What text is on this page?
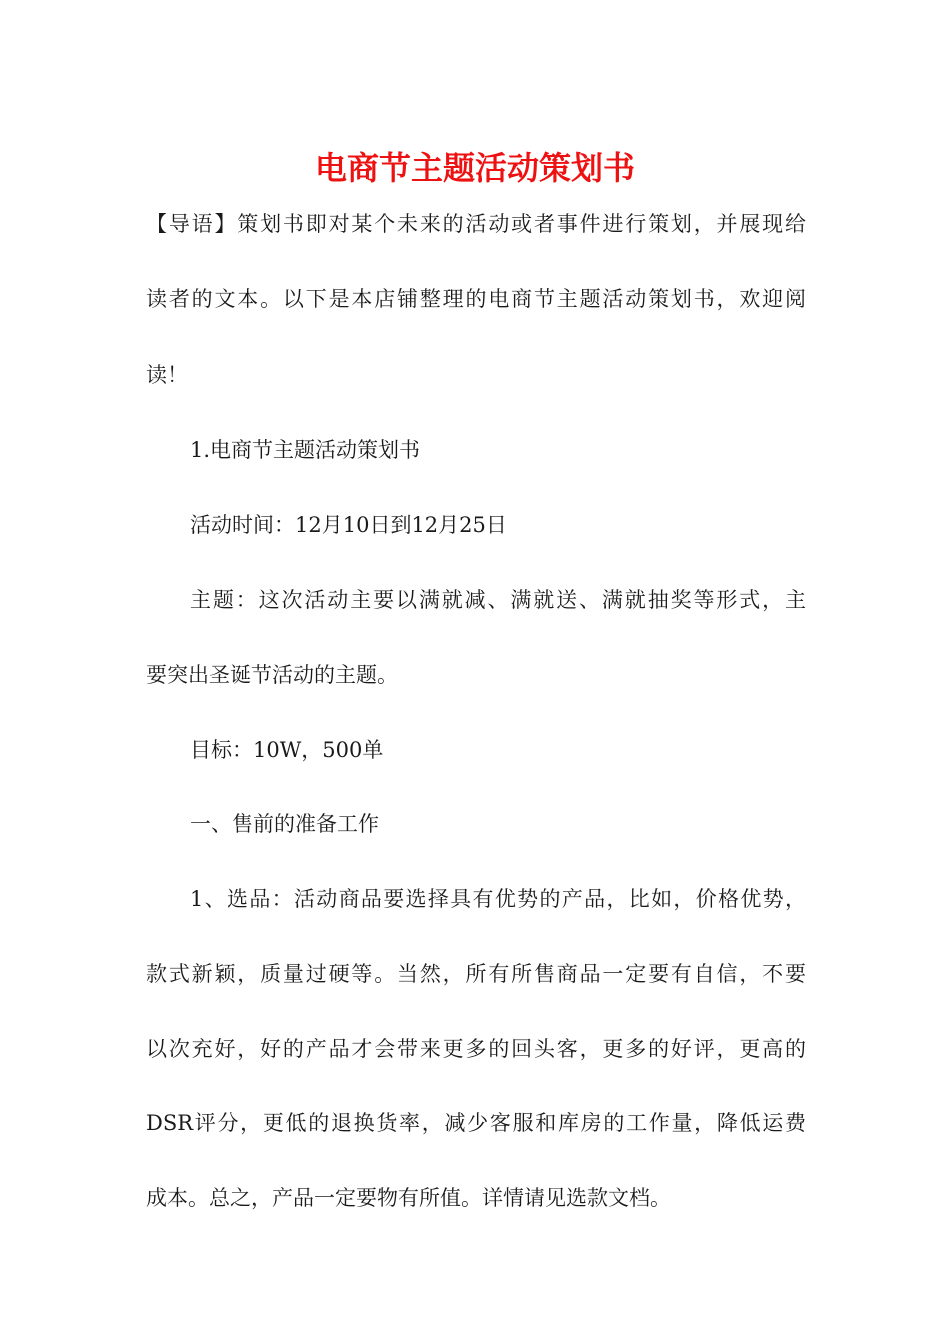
电商节主题活动策划书

【导语】策划书即对某个未来的活动或者事件进行策划，并展现给

读者的文本。以下是本店铺整理的电商节主题活动策划书，欢迎阅

读！

1.电商节主题活动策划书

活动时间：12月10日到12月25日

主题：这次活动主要以满就减、满就送、满就抽奖等形式，主

要突出圣诞节活动的主题。

目标：10W，500单

一、售前的准备工作

1、选品：活动商品要选择具有优势的产品，比如，价格优势，

款式新颖，质量过硬等。当然，所有所售商品一定要有自信，不要

以次充好，好的产品才会带来更多的回头客，更多的好评，更高的

DSR评分，更低的退换货率，减少客服和库房的工作量，降低运费

成本。总之，产品一定要物有所值。详情请见选款文档。
